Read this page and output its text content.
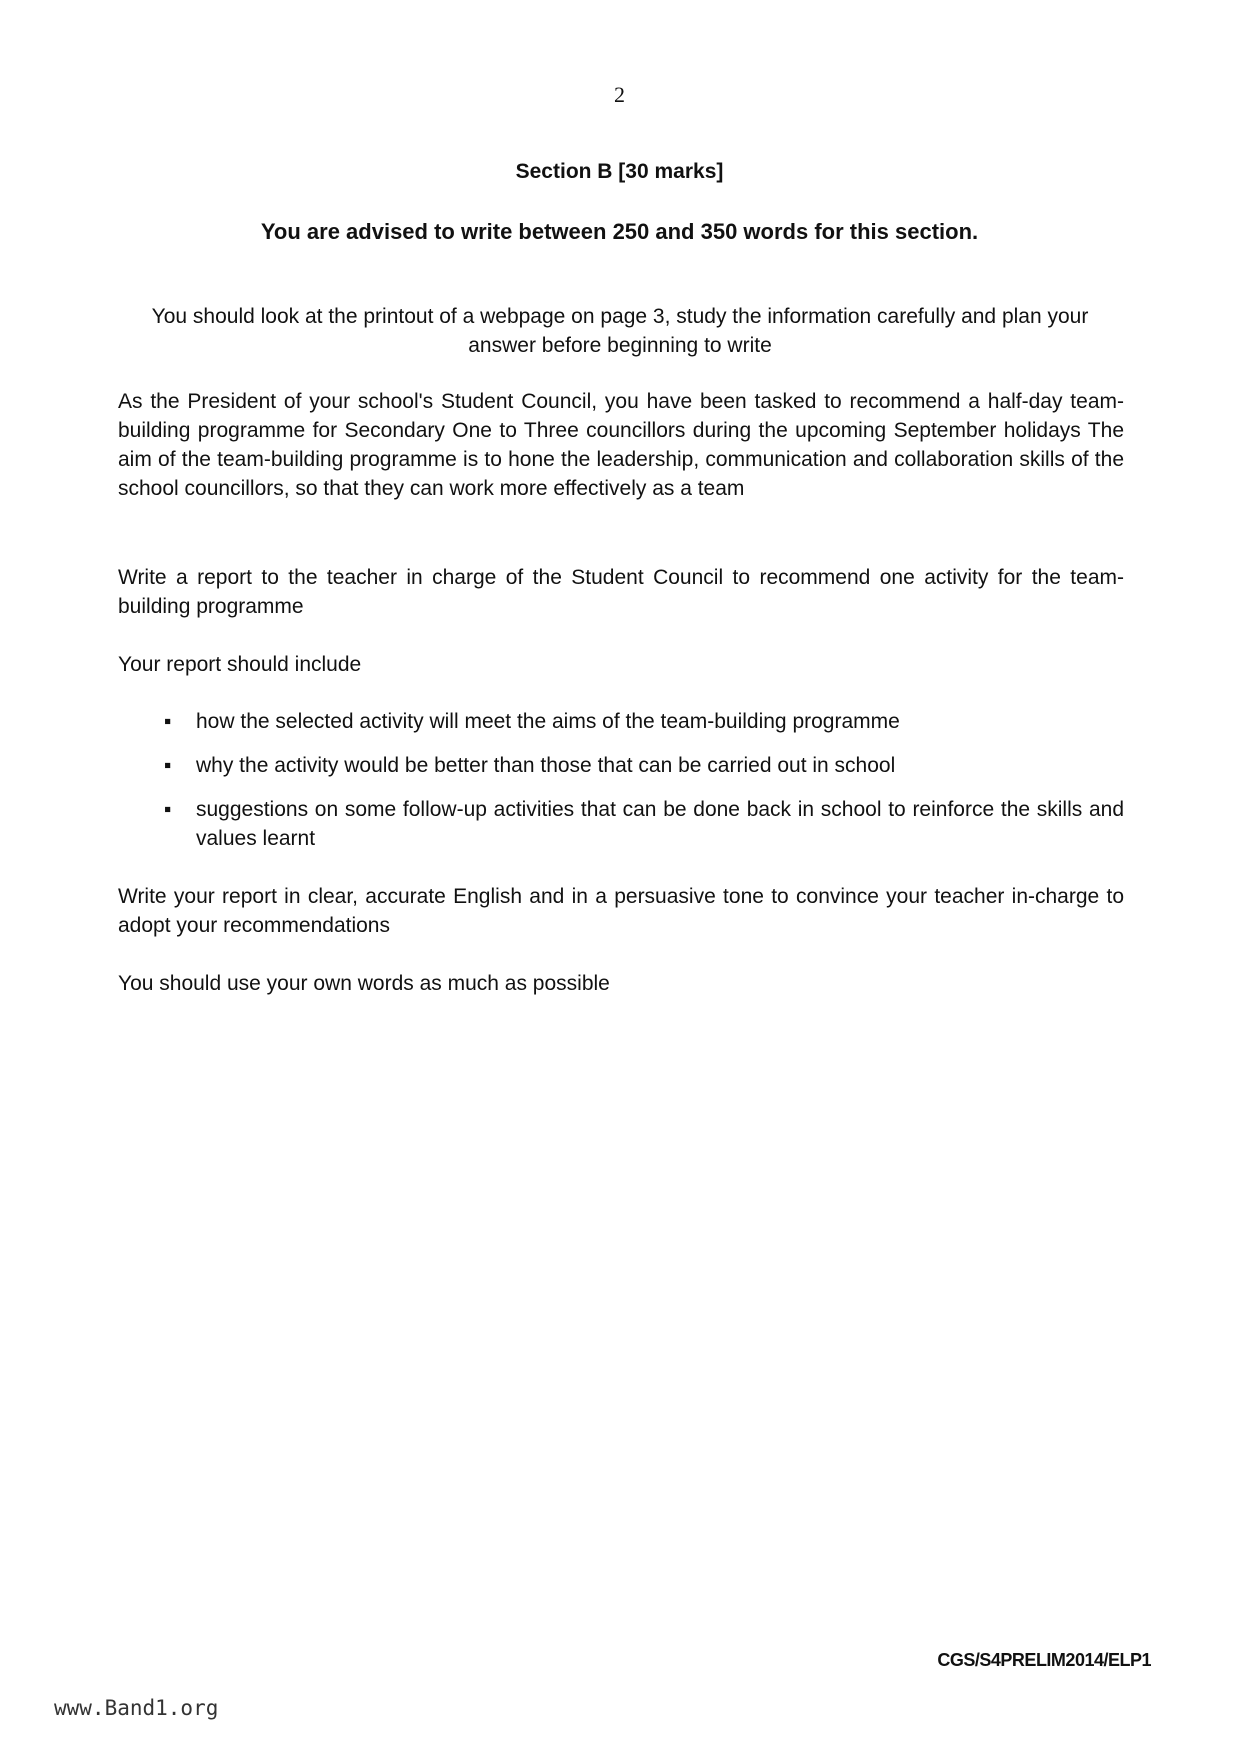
2
Section B [30 marks]
You are advised to write between 250 and 350 words for this section.
You should look at the printout of a webpage on page 3, study the information carefully and plan your answer before beginning to write
As the President of your school's Student Council, you have been tasked to recommend a half-day team-building programme for Secondary One to Three councillors during the upcoming September holidays The aim of the team-building programme is to hone the leadership, communication and collaboration skills of the school councillors, so that they can work more effectively as a team
Write a report to the teacher in charge of the Student Council to recommend one activity for the team-building programme
Your report should include
▪ how the selected activity will meet the aims of the team-building programme
▪ why the activity would be better than those that can be carried out in school
▪ suggestions on some follow-up activities that can be done back in school to reinforce the skills and values learnt
Write your report in clear, accurate English and in a persuasive tone to convince your teacher in-charge to adopt your recommendations
You should use your own words as much as possible
CGS/S4PRELIM2014/ELP1
www.Band1.org
